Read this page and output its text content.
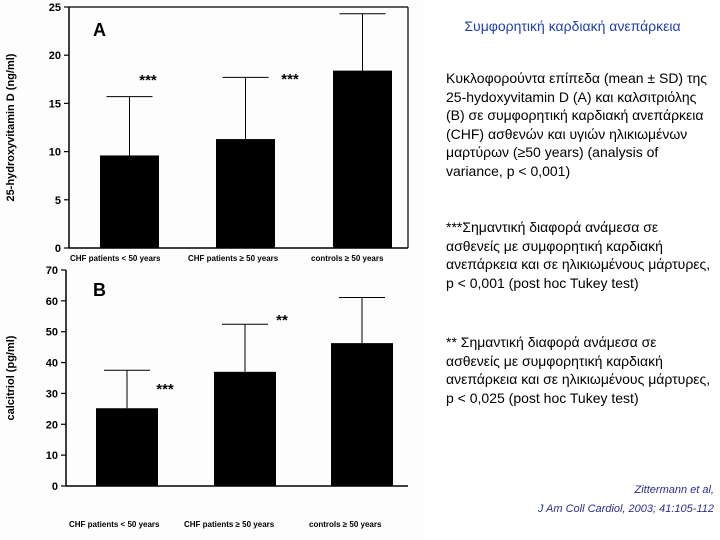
0
5
10
15
20
25
25-hydroxyvitamin D (ng/ml)
A
CHF patients < 50 years
***
CHF patients ≥ 50 years
***
controls ≥ 50 years
0
10
20
30
40
50
60
70
calcitriol (pg/ml)
B
CHF patients < 50 years
***
CHF patients ≥ 50 years
**
controls ≥ 50 years
Συμφορητική καρδιακή ανεπάρκεια
Κυκλοφορούντα επίπεδα (mean ± SD) της 25-hydoxyvitamin D (A) και καλσιτριόλης (B) σε συμφορητική καρδιακή ανεπάρκεια (CHF) ασθενών και υγιών ηλικιωμένων μαρτύρων (≥50 years) (analysis of variance, p < 0,001)
***Σημαντική διαφορά ανάμεσα σε ασθενείς με συμφορητική καρδιακή ανεπάρκεια και σε ηλικιωμένους μάρτυρες, p < 0,001 (post hoc Tukey test)
** Σημαντική διαφορά ανάμεσα σε ασθενείς με συμφορητική καρδιακή ανεπάρκεια και σε ηλικιωμένους μάρτυρες, p < 0,025 (post hoc Tukey test)
Zittermann et al,
J Am Coll Cardiol, 2003; 41:105-112
